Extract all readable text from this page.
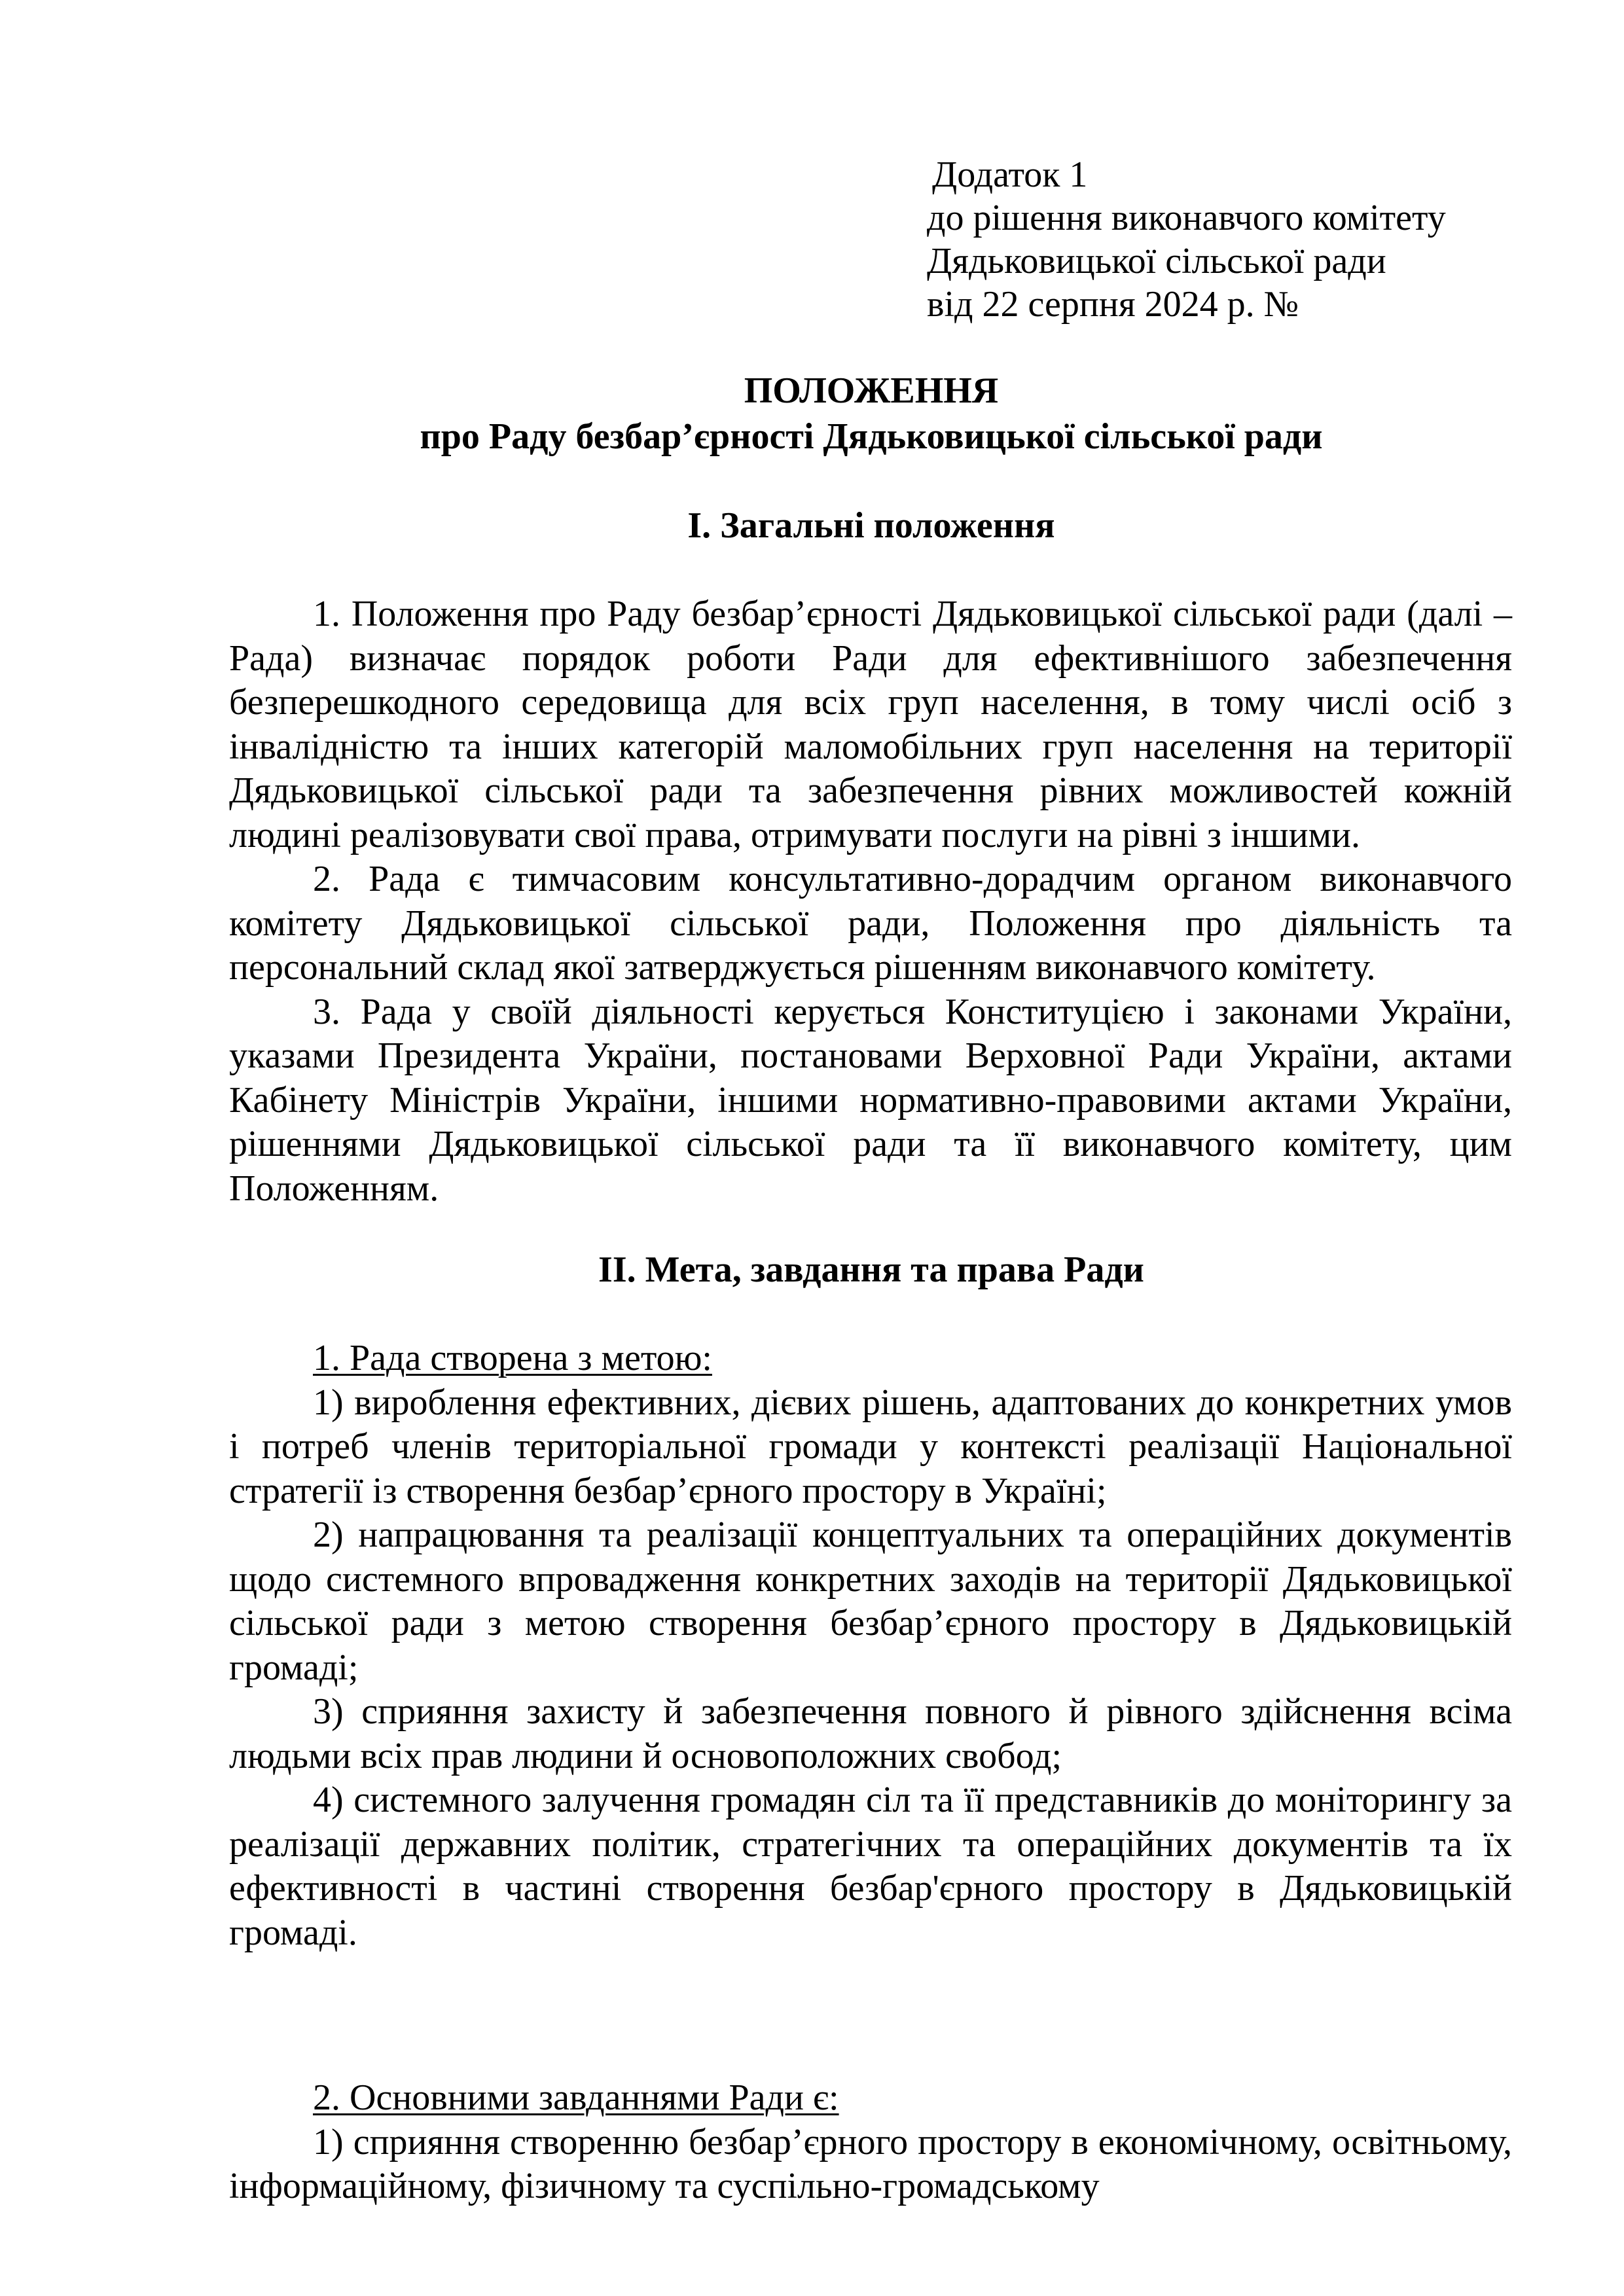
Додаток 1
до рішення виконавчого комітету
Дядьковицької сільської ради
від 22 серпня 2024 р. №
ПОЛОЖЕННЯ
про Раду безбар’єрності Дядьковицької сільської ради
I. Загальні положення

1. Положення про Раду безбар’єрності Дядьковицької сільської ради (далі – Рада) визначає порядок роботи Ради для ефективнішого забезпечення безперешкодного середовища для всіх груп населення, в тому числі осіб з інвалідністю та інших категорій маломобільних груп населення на території Дядьковицької сільської ради та забезпечення рівних можливостей кожній людині реалізовувати свої права, отримувати послуги на рівні з іншими.

2. Рада є тимчасовим консультативно-дорадчим органом виконавчого комітету Дядьковицької сільської ради, Положення про діяльність та персональний склад якої затверджується рішенням виконавчого комітету.

3. Рада у своїй діяльності керується Конституцією і законами України, указами Президента України, постановами Верховної Ради України, актами Кабінету Міністрів України, іншими нормативно-правовими актами України, рішеннями Дядьковицької сільської ради та її виконавчого комітету, цим Положенням.

II. Мета, завдання та права Ради

1. Рада створена з метою:

1) вироблення ефективних, дієвих рішень, адаптованих до конкретних умов і потреб членів територіальної громади у контексті реалізації Національної стратегії із створення безбар’єрного простору в Україні;

2) напрацювання та реалізації концептуальних та операційних документів щодо системного впровадження конкретних заходів на території Дядьковицької сільської ради з метою створення безбар’єрного простору в Дядьковицькій громаді;

3) сприяння захисту й забезпечення повного й рівного здійснення всіма людьми всіх прав людини й основоположних свобод;

4) системного залучення громадян сіл та її представників до моніторингу за реалізації державних політик, стратегічних та операційних документів та їх ефективності в частині створення безбар'єрного простору в Дядьковицькій громаді.

2. Основними завданнями Ради є:

1) сприяння створенню безбар’єрного простору в економічному, освітньому, інформаційному, фізичному та суспільно-громадському
